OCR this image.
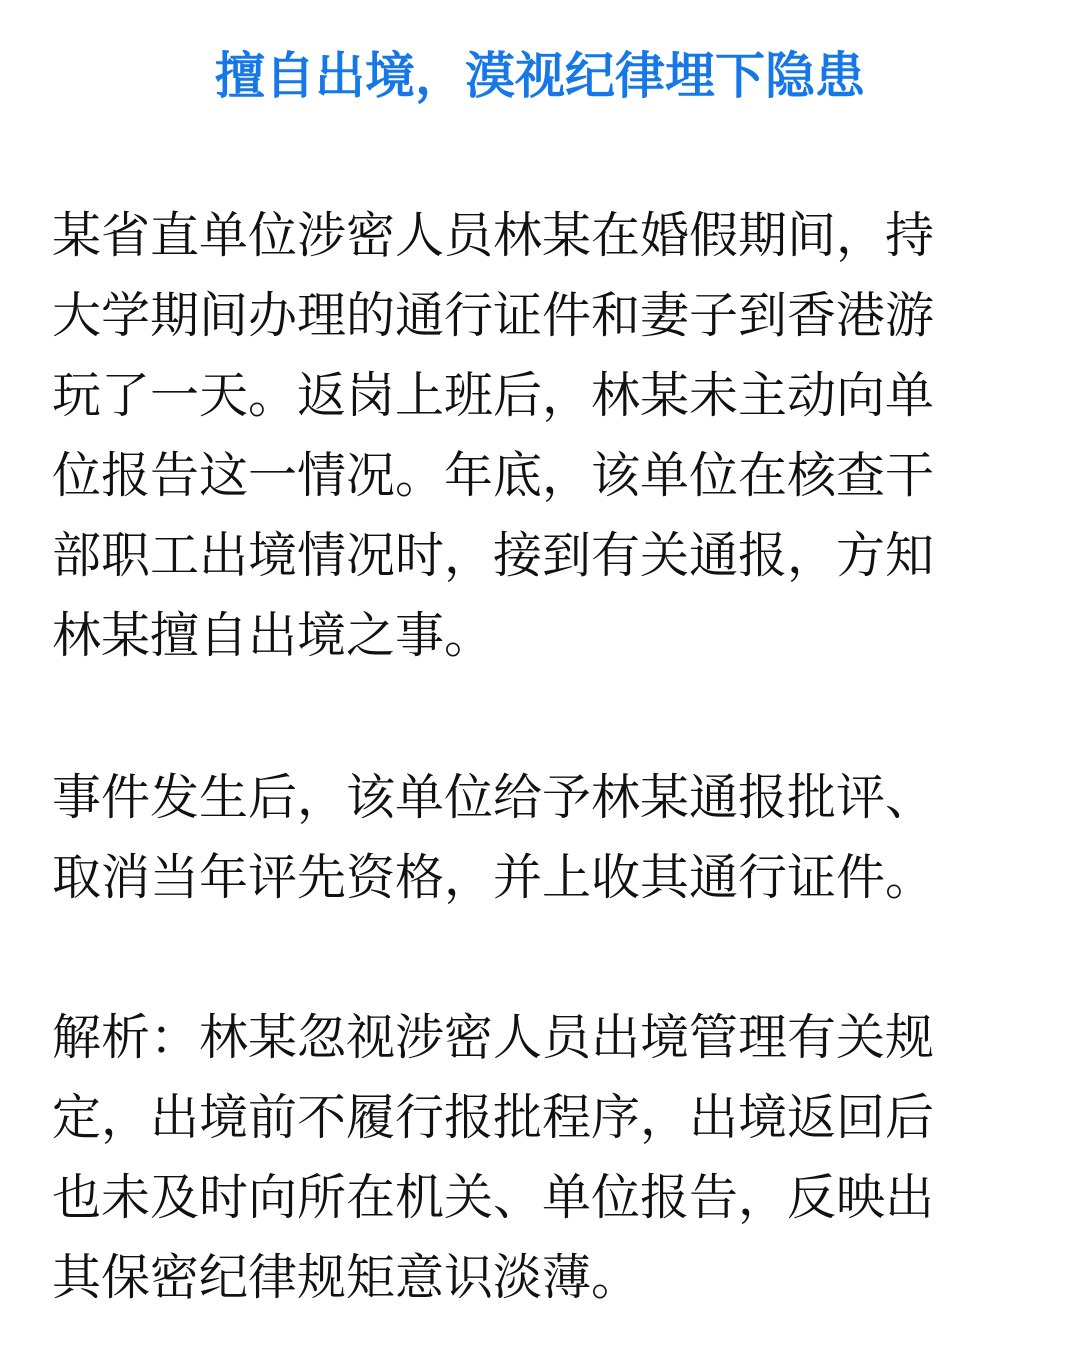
擅自出境，漠视纪律埋下隐患

某省直单位涉密人员林某在婚假期间，持
大学期间办理的通行证件和妻子到香港游
玩了一天。返岗上班后，林某未主动向单
位报告这一情况。年底，该单位在核查干
部职工出境情况时，接到有关通报，方知
林某擅自出境之事。

事件发生后，该单位给予林某通报批评、
取消当年评先资格，并上收其通行证件。

解析：林某忽视涉密人员出境管理有关规
定，出境前不履行报批程序，出境返回后
也未及时向所在机关、单位报告，反映出
其保密纪律规矩意识淡薄。
